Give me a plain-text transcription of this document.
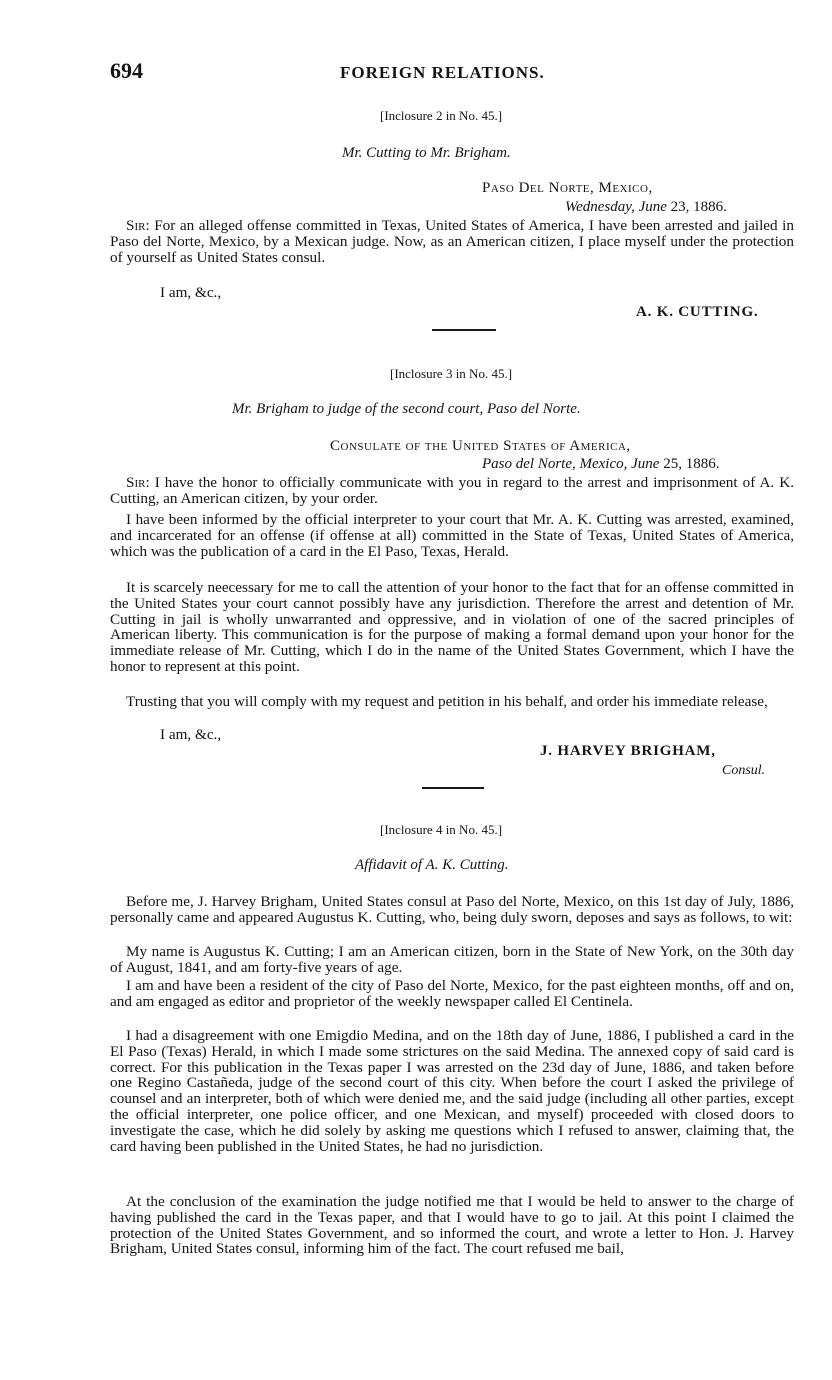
694	FOREIGN RELATIONS.
[Inclosure 2 in No. 45.]
Mr. Cutting to Mr. Brigham.
Paso Del Norte, Mexico,
Wednesday, June 23, 1886.

Sir: For an alleged offense committed in Texas, United States of America, I have been arrested and jailed in Paso del Norte, Mexico, by a Mexican judge. Now, as an American citizen, I place myself under the protection of yourself as United States consul.

I am, &c.,
A. K. CUTTING.
[Inclosure 3 in No. 45.]
Mr. Brigham to judge of the second court, Paso del Norte.
Consulate of the United States of America,
Paso del Norte, Mexico, June 25, 1886.

Sir: I have the honor to officially communicate with you in regard to the arrest and imprisonment of A. K. Cutting, an American citizen, by your order.

I have been informed by the official interpreter to your court that Mr. A. K. Cutting was arrested, examined, and incarcerated for an offense (if offense at all) committed in the State of Texas, United States of America, which was the publication of a card in the El Paso, Texas, Herald.

It is scarcely neecessary for me to call the attention of your honor to the fact that for an offense committed in the United States your court cannot possibly have any jurisdiction. Therefore the arrest and detention of Mr. Cutting in jail is wholly unwarranted and oppressive, and in violation of one of the sacred principles of American liberty. This communication is for the purpose of making a formal demand upon your honor for the immediate release of Mr. Cutting, which I do in the name of the United States Government, which I have the honor to represent at this point.

Trusting that you will comply with my request and petition in his behalf, and order his immediate release,

I am, &c.,
J. HARVEY BRIGHAM,
Consul.
[Inclosure 4 in No. 45.]
Affidavit of A. K. Cutting.

Before me, J. Harvey Brigham, United States consul at Paso del Norte, Mexico, on this 1st day of July, 1886, personally came and appeared Augustus K. Cutting, who, being duly sworn, deposes and says as follows, to wit:

My name is Augustus K. Cutting; I am an American citizen, born in the State of New York, on the 30th day of August, 1841, and am forty-five years of age.

I am and have been a resident of the city of Paso del Norte, Mexico, for the past eighteen months, off and on, and am engaged as editor and proprietor of the weekly newspaper called El Centinela.

I had a disagreement with one Emigdio Medina, and on the 18th day of June, 1886, I published a card in the El Paso (Texas) Herald, in which I made some strictures on the said Medina. The annexed copy of said card is correct. For this publication in the Texas paper I was arrested on the 23d day of June, 1886, and taken before one Regino Castañeda, judge of the second court of this city. When before the court I asked the privilege of counsel and an interpreter, both of which were denied me, and the said judge (including all other parties, except the official interpreter, one police officer, and one Mexican, and myself) proceeded with closed doors to investigate the case, which he did solely by asking me questions which I refused to answer, claiming that, the card having been published in the United States, he had no jurisdiction.

At the conclusion of the examination the judge notified me that I would be held to answer to the charge of having published the card in the Texas paper, and that I would have to go to jail. At this point I claimed the protection of the United States Government, and so informed the court, and wrote a letter to Hon. J. Harvey Brigham, United States consul, informing him of the fact. The court refused me bail,
